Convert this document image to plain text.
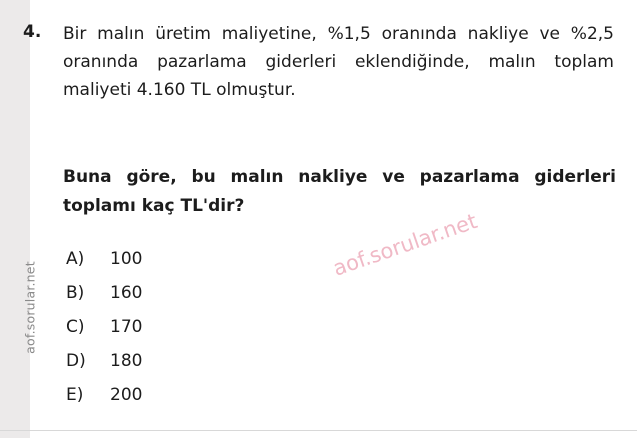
aof.sorular.net
4. Bir malın üretim maliyetine, %1,5 oranında nakliye ve %2,5 oranında pazarlama giderleri eklendiğinde, malın toplam maliyeti 4.160 TL olmuştur.
Buna göre, bu malın nakliye ve pazarlama giderleri toplamı kaç TL'dir?
A) 100
B) 160
C) 170
D) 180
E) 200
aof.sorular.net
